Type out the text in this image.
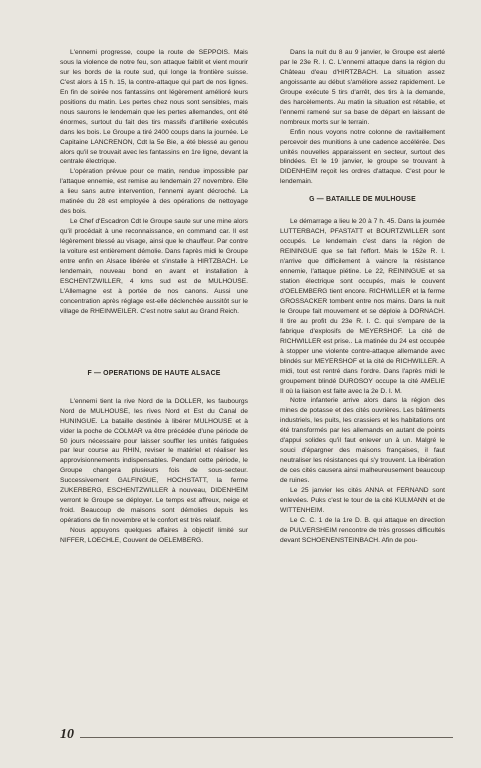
L'ennemi progresse, coupe la route de SEPPOIS. Mais sous la violence de notre feu, son attaque faiblit et vient mourir sur les bords de la route sud, qui longe la frontière suisse. C'est alors à 15 h. 15, la contre-attaque qui part de nos lignes. En fin de soirée nos fantassins ont légèrement amélioré leurs positions du matin. Les pertes chez nous sont sensibles, mais nous saurons le lendemain que les pertes allemandes, ont été énormes, surtout du fait des tirs massifs d'artillerie exécutés dans les bois. Le Groupe a tiré 2400 coups dans la journée. Le Capitaine LANCRENON, Cdt la 5e Bie, a été blessé au genou alors qu'il se trouvait avec les fantassins en 1re ligne, devant la centrale électrique.

L'opération prévue pour ce matin, rendue impossible par l'attaque ennemie, est remise au lendemain 27 novembre. Elle a lieu sans autre intervention, l'ennemi ayant décroché. La matinée du 28 est employée à des opérations de nettoyage des bois.

Le Chef d'Escadron Cdt le Groupe saute sur une mine alors qu'il procédait à une reconnaissance, en command car. Il est légèrement blessé au visage, ainsi que le chauffeur. Par contre la voiture est entièrement démolie. Dans l'après midi le Groupe entre enfin en Alsace libérée et s'installe à HIRTZBACH. Le lendemain, nouveau bond en avant et installation à ESCHENTZWILLER, 4 kms sud est de MULHOUSE. L'Allemagne est à portée de nos canons. Aussi une concentration après réglage est-elle déclenchée aussitôt sur le village de RHEINWEILER. C'est notre salut au Grand Reich.

F — OPERATIONS DE HAUTE ALSACE

L'ennemi tient la rive Nord de la DOLLER, les faubourgs Nord de MULHOUSE, les rives Nord et Est du Canal de HUNINGUE. La bataille destinée à libérer MULHOUSE et à vider la poche de COLMAR va être précédée d'une période de 50 jours nécessaire pour laisser souffler les unités fatiguées par leur course au RHIN, reviser le matériel et réaliser les approvisionnements indispensables. Pendant cette période, le Groupe changera plusieurs fois de sous-secteur. Successivement GALFINGUE, HOCHSTATT, la ferme ZUKERBERG, ESCHENTZWILLER à nouveau, DIDENHEIM verront le Groupe se déployer. Le temps est affreux, neige et froid. Beaucoup de maisons sont démolies depuis les opérations de fin novembre et le confort est très relatif.

Nous appuyons quelques affaires à objectif limité sur NIFFER, LOECHLE, Couvent de OELEMBERG.

Dans la nuit du 8 au 9 janvier, le Groupe est alerté par le 23e R. I. C. L'ennemi attaque dans la région du Château d'eau d'HIRTZBACH. La situation assez angoissante au début s'améliore assez rapidement. Le Groupe exécute 5 tirs d'arrêt, des tirs à la demande, des harcèlements. Au matin la situation est rétablie, et l'ennemi ramené sur sa base de départ en laissant de nombreux morts sur le terrain.

Enfin nous voyons notre colonne de ravitaillement percevoir des munitions à une cadence accélérée. Des unités nouvelles apparaissent en secteur, surtout des blindées. Et le 19 janvier, le groupe se trouvant à DIDENHEIM reçoit les ordres d'attaque. C'est pour le lendemain.

G — BATAILLE DE MULHOUSE

Le démarrage a lieu le 20 à 7 h. 45. Dans la journée LUTTERBACH, PFASTATT et BOURTZWILLER sont occupés. Le lendemain c'est dans la région de REININGUE que se fait l'effort. Mais le 152e R. I. n'arrive que difficilement à vaincre la résistance ennemie, l'attaque piétine. Le 22, REININGUE et sa station électrique sont occupés, mais le couvent d'OELEMBERG tient encore. RICHWILLER et la ferme GROSSACKER tombent entre nos mains. Dans la nuit le Groupe fait mouvement et se déploie à DORNACH. Il tire au profit du 23e R. I. C. qui s'empare de la fabrique d'explosifs de MEYERSHOF. La cité de RICHWILLER est prise.. La matinée du 24 est occupée à stopper une violente contre-attaque allemande avec blindés sur MEYERSHOF et la cité de RICHWILLER. A midi, tout est rentré dans l'ordre. Dans l'après midi le groupement blindé DUROSOY occupe la cité AMELIE II où la liaison est faite avec la 2e D. I. M.

Notre infanterie arrive alors dans la région des mines de potasse et des cités ouvrières. Les bâtiments industriels, les puits, les crassiers et les habitations ont été transformés par les allemands en autant de points d'appui solides qu'il faut enlever un à un. Malgré le souci d'épargner des maisons françaises, il faut neutraliser les résistances qui s'y trouvent. La libération de ces cités causera ainsi malheureusement beaucoup de ruines.

Le 25 janvier les cités ANNA et FERNAND sont enlevées. Puks c'est le tour de la cité KULMANN et de WITTENHEIM.

Le C. C. 1 de la 1re D. B. qui attaque en direction de PULVERSHEIM rencontre de très grosses difficultés devant SCHOENENSTEINBACH. Afin de pou-

10
